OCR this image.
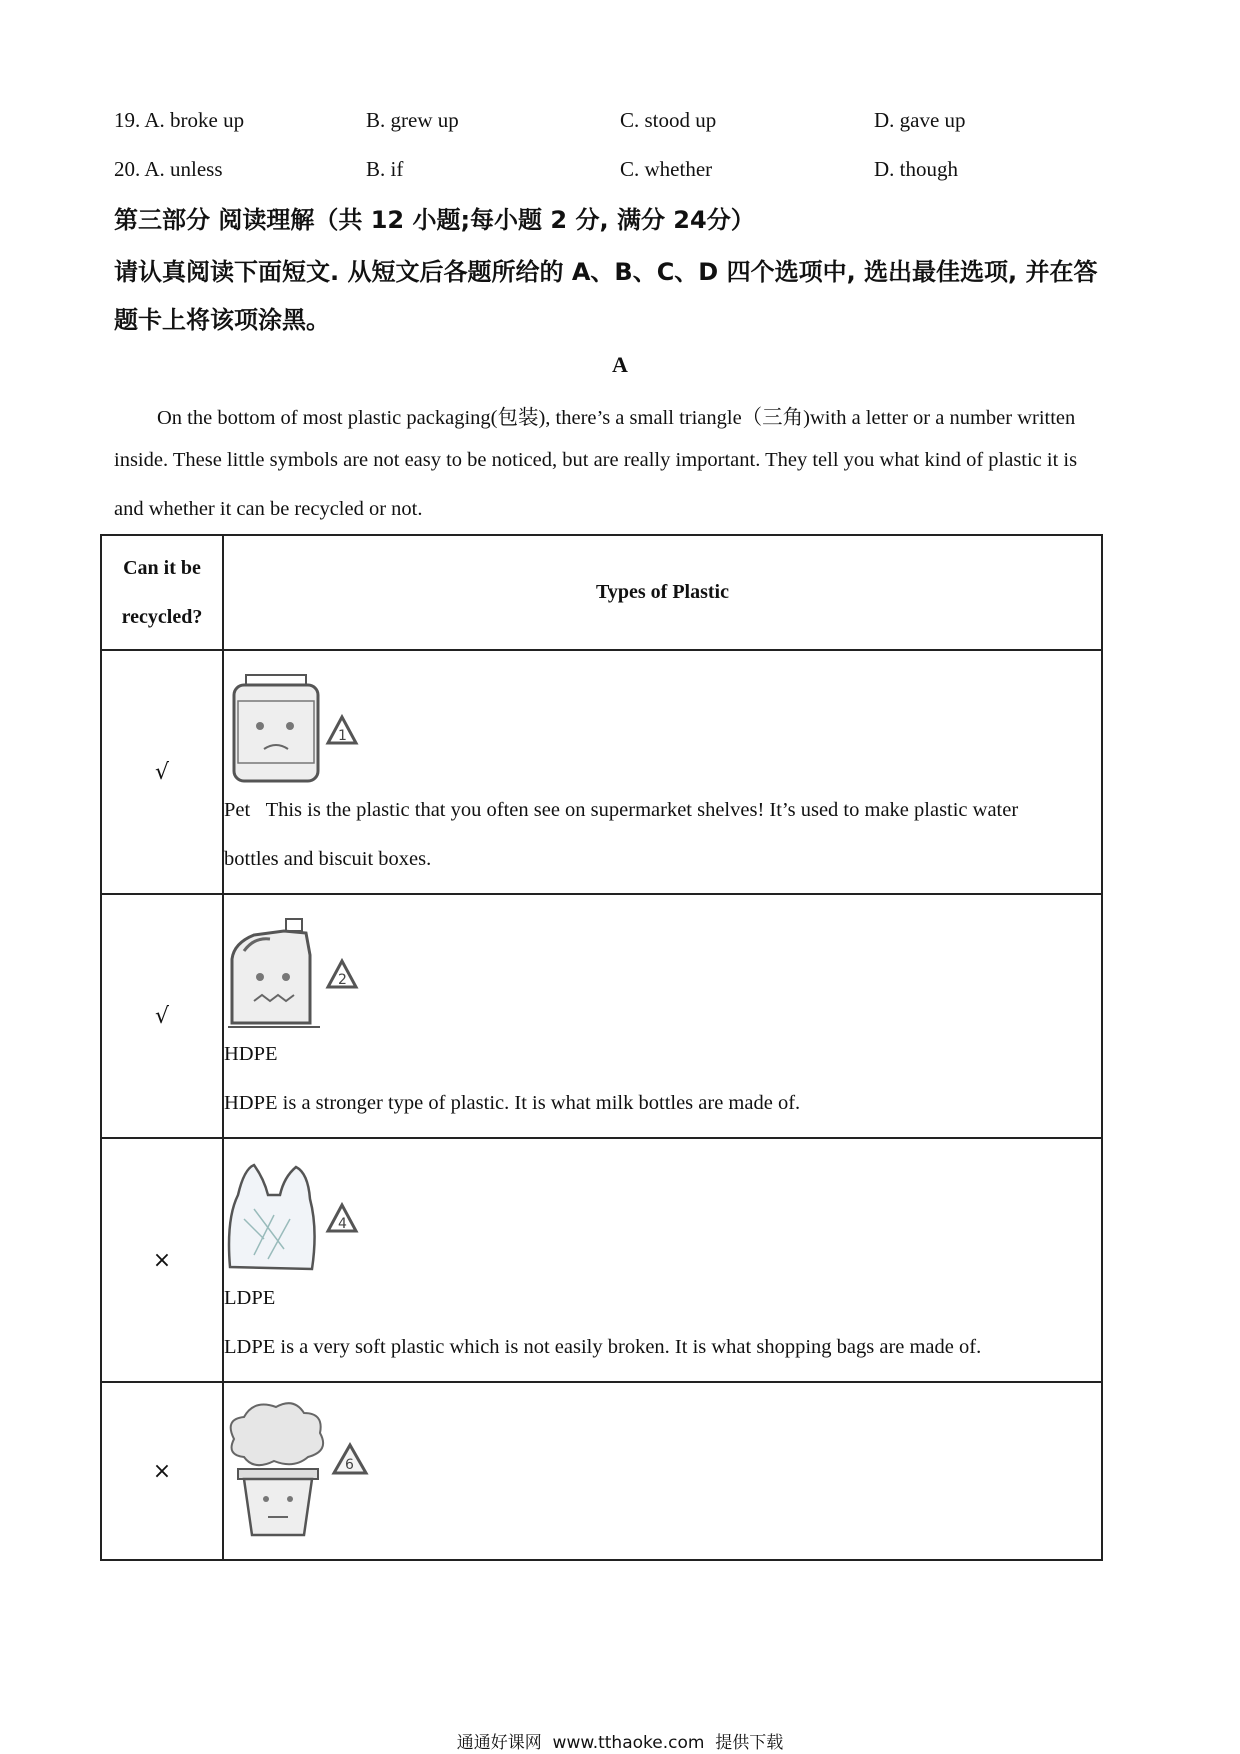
19. A. broke up	B. grew up	C. stood up	D. gave up
20. A. unless	B. if	C. whether	D. though
第三部分 阅读理解（共 12 小题;每小题 2 分, 满分 24分）
请认真阅读下面短文. 从短文后各题所给的 A、B、C、D 四个选项中, 选出最佳选项, 并在答
题卡上将该项涂黑。
A
On the bottom of most plastic packaging(包装), there’s a small triangle（三角)with a letter or a number written
inside. These little symbols are not easy to be noticed, but are really important. They tell you what kind of plastic it is
and whether it can be recycled or not.
Can it be
recycled?	Types of Plastic
√	1
Pet This is the plastic that you often see on supermarket shelves! It’s used to make plastic water
bottles and biscuit boxes.

√	2
HDPE
HDPE is a stronger type of plastic. It is what milk bottles are made of.

×	4
LDPE
LDPE is a very soft plastic which is not easily broken. It is what shopping bags are made of.

×	6
通通好课网  www.tthaoke.com  提供下载
